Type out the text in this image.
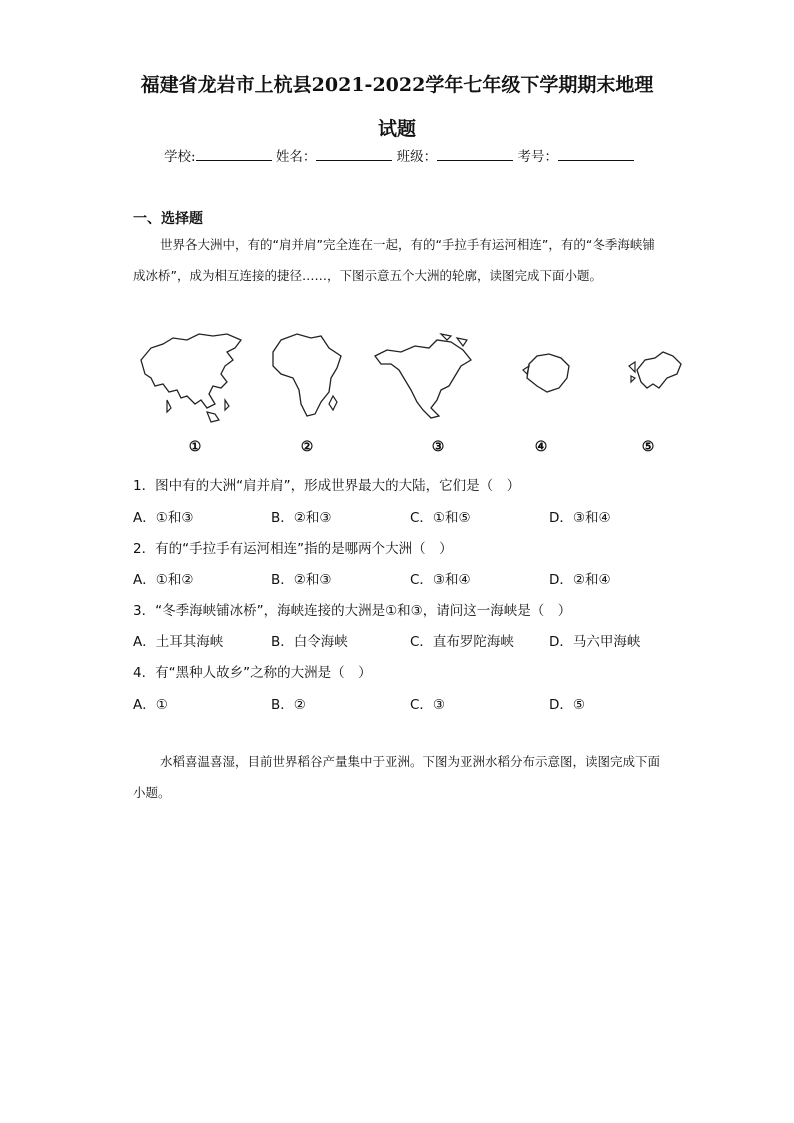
福建省龙岩市上杭县2021-2022学年七年级下学期期末地理
试题
学校:	姓名：	班级：	考号：
一、选择题
世界各大洲中，有的“肩并肩”完全连在一起，有的“手拉手有运河相连”，有的“冬季海峡铺成冰桥”，成为相互连接的捷径……，下图示意五个大洲的轮廓，读图完成下面小题。
①	②	③	④	⑤
1．图中有的大洲“肩并肩”，形成世界最大的大陆，它们是（　）
A．①和③	B．②和③	C．①和⑤	D．③和④
2．有的“手拉手有运河相连”指的是哪两个大洲（　）
A．①和②	B．②和③	C．③和④	D．②和④
3．“冬季海峡铺冰桥”，海峡连接的大洲是①和③，请问这一海峡是（　）
A．土耳其海峡	B．白令海峡	C．直布罗陀海峡	D．马六甲海峡
4．有“黑种人故乡”之称的大洲是（　）
A．①	B．②	C．③	D．⑤
水稻喜温喜湿，目前世界稻谷产量集中于亚洲。下图为亚洲水稻分布示意图，读图完成下面小题。
